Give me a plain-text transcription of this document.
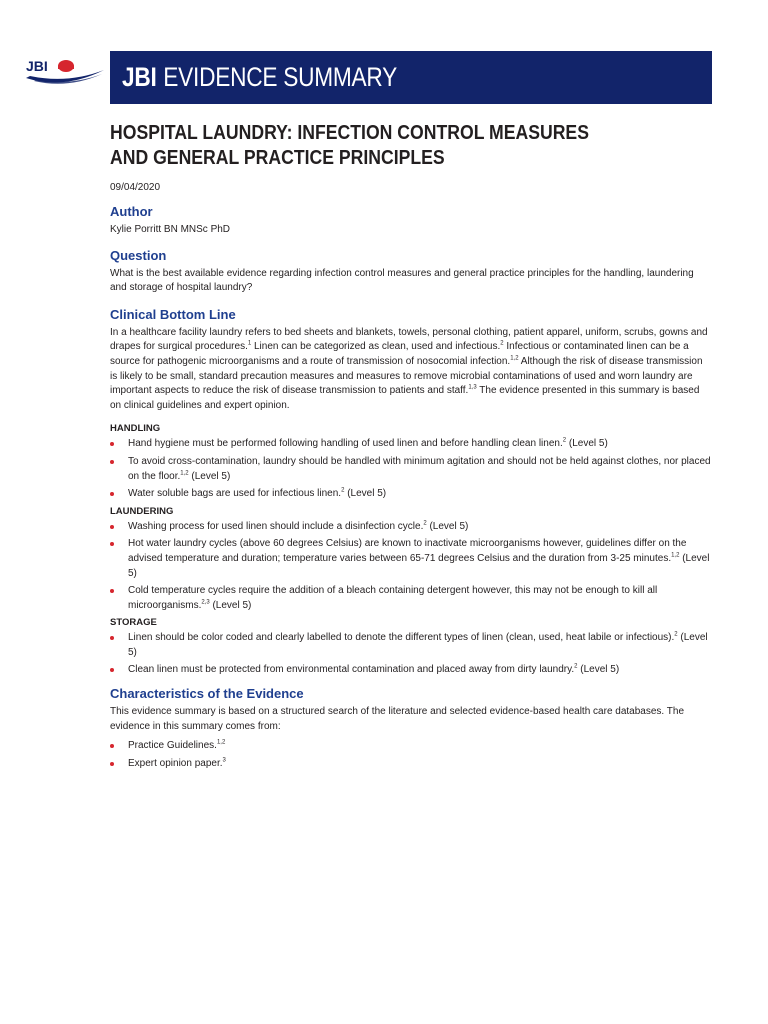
JBI	JBI EVIDENCE SUMMARY
HOSPITAL LAUNDRY: INFECTION CONTROL MEASURES
AND GENERAL PRACTICE PRINCIPLES
09/04/2020
Author

Kylie Porritt BN MNSc PhD

Question

What is the best available evidence regarding infection control measures and general practice principles for the handling, laundering and storage of hospital laundry?

Clinical Bottom Line

In a healthcare facility laundry refers to bed sheets and blankets, towels, personal clothing, patient apparel, uniform, scrubs, gowns and drapes for surgical procedures.$^1$ Linen can be categorized as clean, used and infectious.$^2$ Infectious or contaminated linen can be a source for pathogenic microorganisms and a route of transmission of nosocomial infection.$^{1,2}$ Although the risk of disease transmission is likely to be small, standard precaution measures and measures to remove microbial contaminations of used and worn laundry are important aspects to reduce the risk of disease transmission to patients and staff.$^{1,3}$ The evidence presented in this summary is based on clinical guidelines and expert opinion.

HANDLING
Hand hygiene must be performed following handling of used linen and before handling clean linen.$^2$ (Level 5)
To avoid cross-contamination, laundry should be handled with minimum agitation and should not be held against clothes, nor placed on the floor.$^{1,2}$ (Level 5)
Water soluble bags are used for infectious linen.$^2$ (Level 5)
LAUNDERING
Washing process for used linen should include a disinfection cycle.$^2$ (Level 5)
Hot water laundry cycles (above 60 degrees Celsius) are known to inactivate microorganisms however, guidelines differ on the advised temperature and duration; temperature varies between 65-71 degrees Celsius and the duration from 3-25 minutes.$^{1,2}$ (Level 5)
Cold temperature cycles require the addition of a bleach containing detergent however, this may not be enough to kill all microorganisms.$^{2,3}$ (Level 5)
STORAGE
Linen should be color coded and clearly labelled to denote the different types of linen (clean, used, heat labile or infectious).$^2$ (Level 5)
Clean linen must be protected from environmental contamination and placed away from dirty laundry.$^2$ (Level 5)
Characteristics of the Evidence

This evidence summary is based on a structured search of the literature and selected evidence-based health care databases. The evidence in this summary comes from:

Practice Guidelines.$^{1,2}$
Expert opinion paper.$^3$
